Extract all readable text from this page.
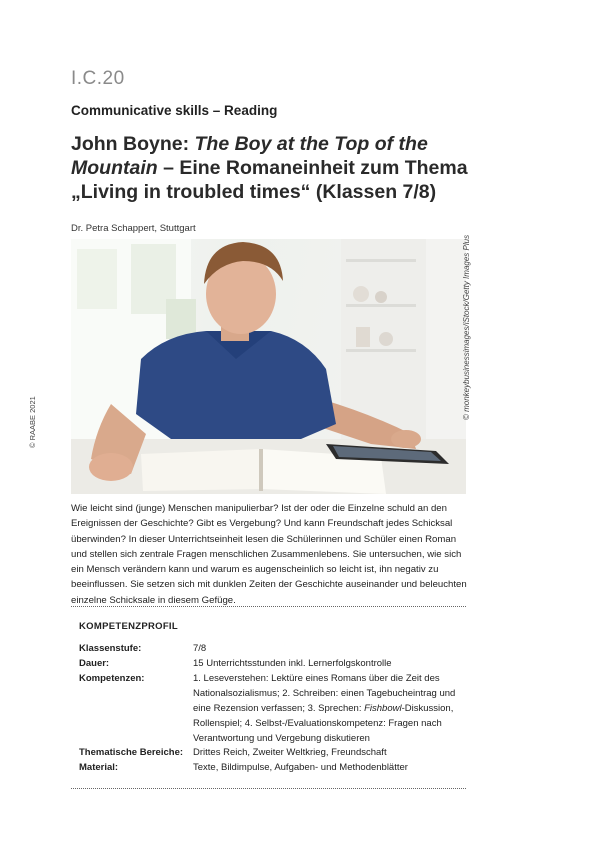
I.C.20
Communicative skills – Reading
John Boyne: The Boy at the Top of the Mountain – Eine Romaneinheit zum Thema „Living in troubled times“ (Klassen 7/8)
Dr. Petra Schappert, Stuttgart
© monkeybusinessimages/iStock/Getty Images Plus
© RAABE 2021
Wie leicht sind (junge) Menschen manipulierbar? Ist der oder die Einzelne schuld an den Ereignissen der Geschichte? Gibt es Vergebung? Und kann Freundschaft jedes Schicksal überwinden? In dieser Unterrichtseinheit lesen die Schülerinnen und Schüler einen Roman und stellen sich zentrale Fragen menschlichen Zusammenlebens. Sie untersuchen, wie sich ein Mensch verändern kann und warum es augenscheinlich so leicht ist, ihn negativ zu beeinflussen. Sie setzen sich mit dunklen Zeiten der Geschichte auseinander und beleuchten einzelne Schicksale in diesem Gefüge.
KOMPETENZPROFIL
Klassenstufe:	7/8
Dauer:	15 Unterrichtsstunden inkl. Lernerfolgskontrolle
Kompetenzen:	1. Leseverstehen: Lektüre eines Romans über die Zeit des Nationalsozialismus; 2. Schreiben: einen Tagebucheintrag und eine Rezension verfassen; 3. Sprechen: Fishbowl-Diskussion, Rollenspiel; 4. Selbst-/Evaluationskompetenz: Fragen nach Verantwortung und Vergebung diskutieren
Thematische Bereiche:	Drittes Reich, Zweiter Weltkrieg, Freundschaft
Material:	Texte, Bildimpulse, Aufgaben- und Methodenblätter
